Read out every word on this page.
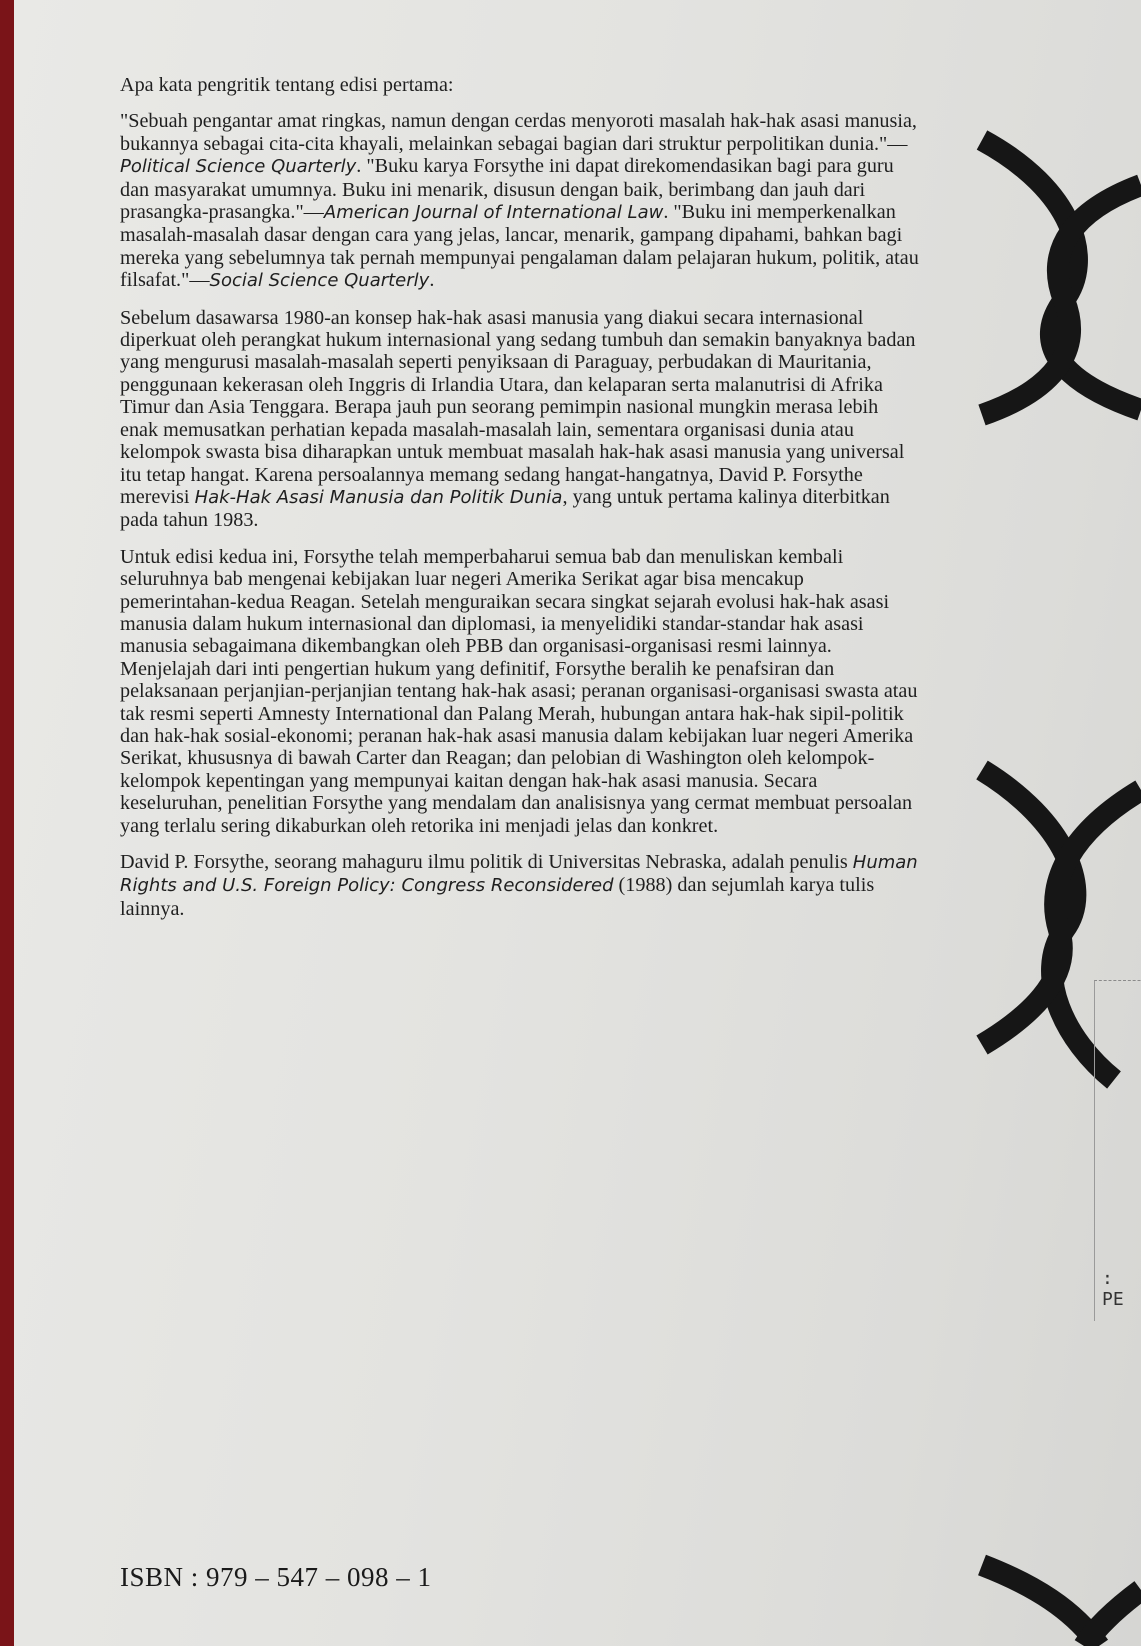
Apa kata pengritik tentang edisi pertama:

"Sebuah pengantar amat ringkas, namun dengan cerdas menyoroti masalah hak-hak asasi manusia, bukannya sebagai cita-cita khayali, melainkan sebagai bagian dari struktur perpolitikan dunia."—Political Science Quarterly. "Buku karya Forsythe ini dapat direkomendasikan bagi para guru dan masyarakat umumnya. Buku ini menarik, disusun dengan baik, berimbang dan jauh dari prasangka-prasangka."—American Journal of International Law. "Buku ini memperkenalkan masalah-masalah dasar dengan cara yang jelas, lancar, menarik, gampang dipahami, bahkan bagi mereka yang sebelumnya tak pernah mempunyai pengalaman dalam pelajaran hukum, politik, atau filsafat."—Social Science Quarterly.

Sebelum dasawarsa 1980-an konsep hak-hak asasi manusia yang diakui secara internasional diperkuat oleh perangkat hukum internasional yang sedang tumbuh dan semakin banyaknya badan yang mengurusi masalah-masalah seperti penyiksaan di Paraguay, perbudakan di Mauritania, penggunaan kekerasan oleh Inggris di Irlandia Utara, dan kelaparan serta malanutrisi di Afrika Timur dan Asia Tenggara. Berapa jauh pun seorang pemimpin nasional mungkin merasa lebih enak memusatkan perhatian kepada masalah-masalah lain, sementara organisasi dunia atau kelompok swasta bisa diharapkan untuk membuat masalah hak-hak asasi manusia yang universal itu tetap hangat. Karena persoalannya memang sedang hangat-hangatnya, David P. Forsythe merevisi Hak-Hak Asasi Manusia dan Politik Dunia, yang untuk pertama kalinya diterbitkan pada tahun 1983.

Untuk edisi kedua ini, Forsythe telah memperbaharui semua bab dan menuliskan kembali seluruhnya bab mengenai kebijakan luar negeri Amerika Serikat agar bisa mencakup pemerintahan-kedua Reagan. Setelah menguraikan secara singkat sejarah evolusi hak-hak asasi manusia dalam hukum internasional dan diplomasi, ia menyelidiki standar-standar hak asasi manusia sebagaimana dikembangkan oleh PBB dan organisasi-organisasi resmi lainnya. Menjelajah dari inti pengertian hukum yang definitif, Forsythe beralih ke penafsiran dan pelaksanaan perjanjian-perjanjian tentang hak-hak asasi; peranan organisasi-organisasi swasta atau tak resmi seperti Amnesty International dan Palang Merah, hubungan antara hak-hak sipil-politik dan hak-hak sosial-ekonomi; peranan hak-hak asasi manusia dalam kebijakan luar negeri Amerika Serikat, khususnya di bawah Carter dan Reagan; dan pelobian di Washington oleh kelompok-kelompok kepentingan yang mempunyai kaitan dengan hak-hak asasi manusia. Secara keseluruhan, penelitian Forsythe yang mendalam dan analisisnya yang cermat membuat persoalan yang terlalu sering dikaburkan oleh retorika ini menjadi jelas dan konkret.

David P. Forsythe, seorang mahaguru ilmu politik di Universitas Nebraska, adalah penulis Human Rights and U.S. Foreign Policy: Congress Reconsidered (1988) dan sejumlah karya tulis lainnya.

ISBN : 979 – 547 – 098 – 1
: PE
